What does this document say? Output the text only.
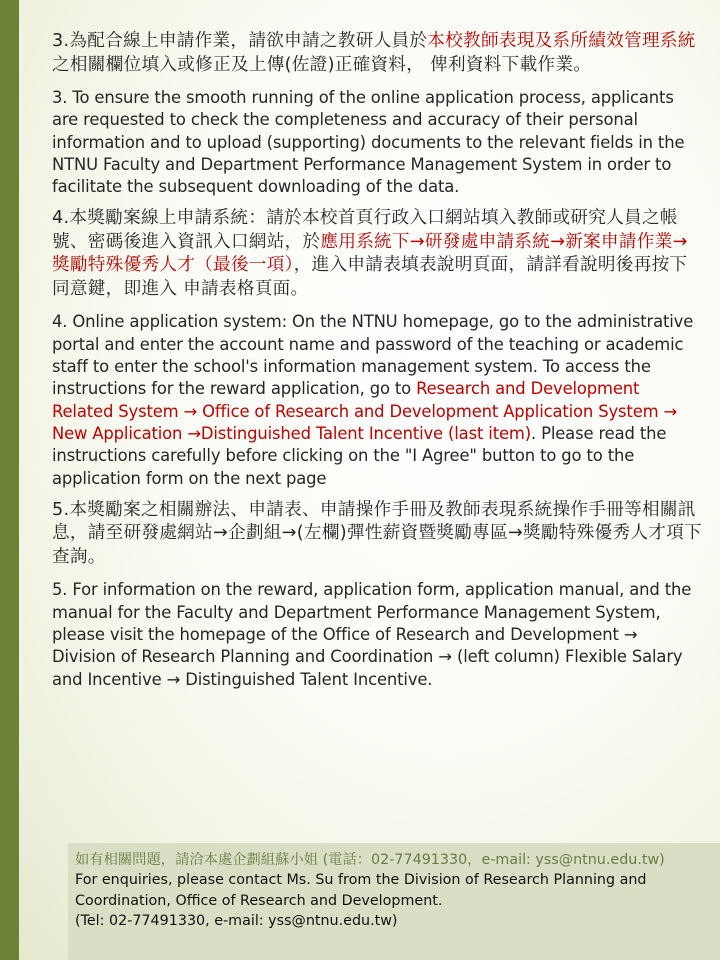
3.為配合線上申請作業，請欲申請之教研人員於本校教師表現及系所績效管理系統之相關欄位填入或修正及上傳(佐證)正確資料， 俾利資料下載作業。

3. To ensure the smooth running of the online application process, applicants are requested to check the completeness and accuracy of their personal information and to upload (supporting) documents to the relevant fields in the NTNU Faculty and Department Performance Management System in order to facilitate the subsequent downloading of the data.

4.本獎勵案線上申請系統：請於本校首頁行政入口網站填入教師或研究人員之帳號、密碼後進入資訊入口網站，於應用系統下→研發處申請系統→新案申請作業→獎勵特殊優秀人才（最後一項），進入申請表填表說明頁面，請詳看說明後再按下同意鍵，即進入 申請表格頁面。

4. Online application system: On the NTNU homepage, go to the administrative portal and enter the account name and password of the teaching or academic staff to enter the school's information management system. To access the instructions for the reward application, go to Research and Development Related System → Office of Research and Development Application System → New Application →Distinguished Talent Incentive (last item). Please read the instructions carefully before clicking on the "I Agree" button to go to the application form on the next page

5.本獎勵案之相關辦法、申請表、申請操作手冊及教師表現系統操作手冊等相關訊息，請至研發處網站→企劃組→(左欄)彈性薪資暨獎勵專區→獎勵特殊優秀人才項下查詢。

5. For information on the reward, application form, application manual, and the manual for the Faculty and Department Performance Management System, please visit the homepage of the Office of Research and Development → Division of Research Planning and Coordination → (left column) Flexible Salary and Incentive → Distinguished Talent Incentive.

如有相關問題，請洽本處企劃組蘇小姐 (電話：02-77491330，e-mail: yss@ntnu.edu.tw)
For enquiries, please contact Ms. Su from the Division of Research Planning and Coordination, Office of Research and Development.
(Tel: 02-77491330, e-mail: yss@ntnu.edu.tw)
